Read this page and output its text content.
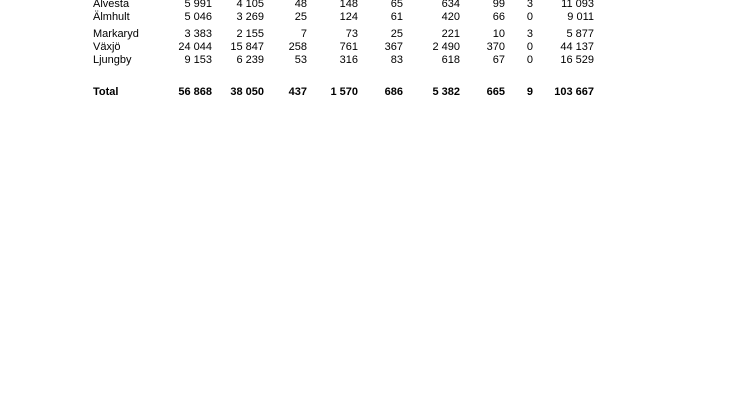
Alvesta	5 991	4 105	48	148	65	634	99	3	11 093
Älmhult	5 046	3 269	25	124	61	420	66	0	9 011
Markaryd	3 383	2 155	7	73	25	221	10	3	5 877
Växjö	24 044	15 847	258	761	367	2 490	370	0	44 137
Ljungby	9 153	6 239	53	316	83	618	67	0	16 529
Total	56 868	38 050	437	1 570	686	5 382	665	9	103 667
